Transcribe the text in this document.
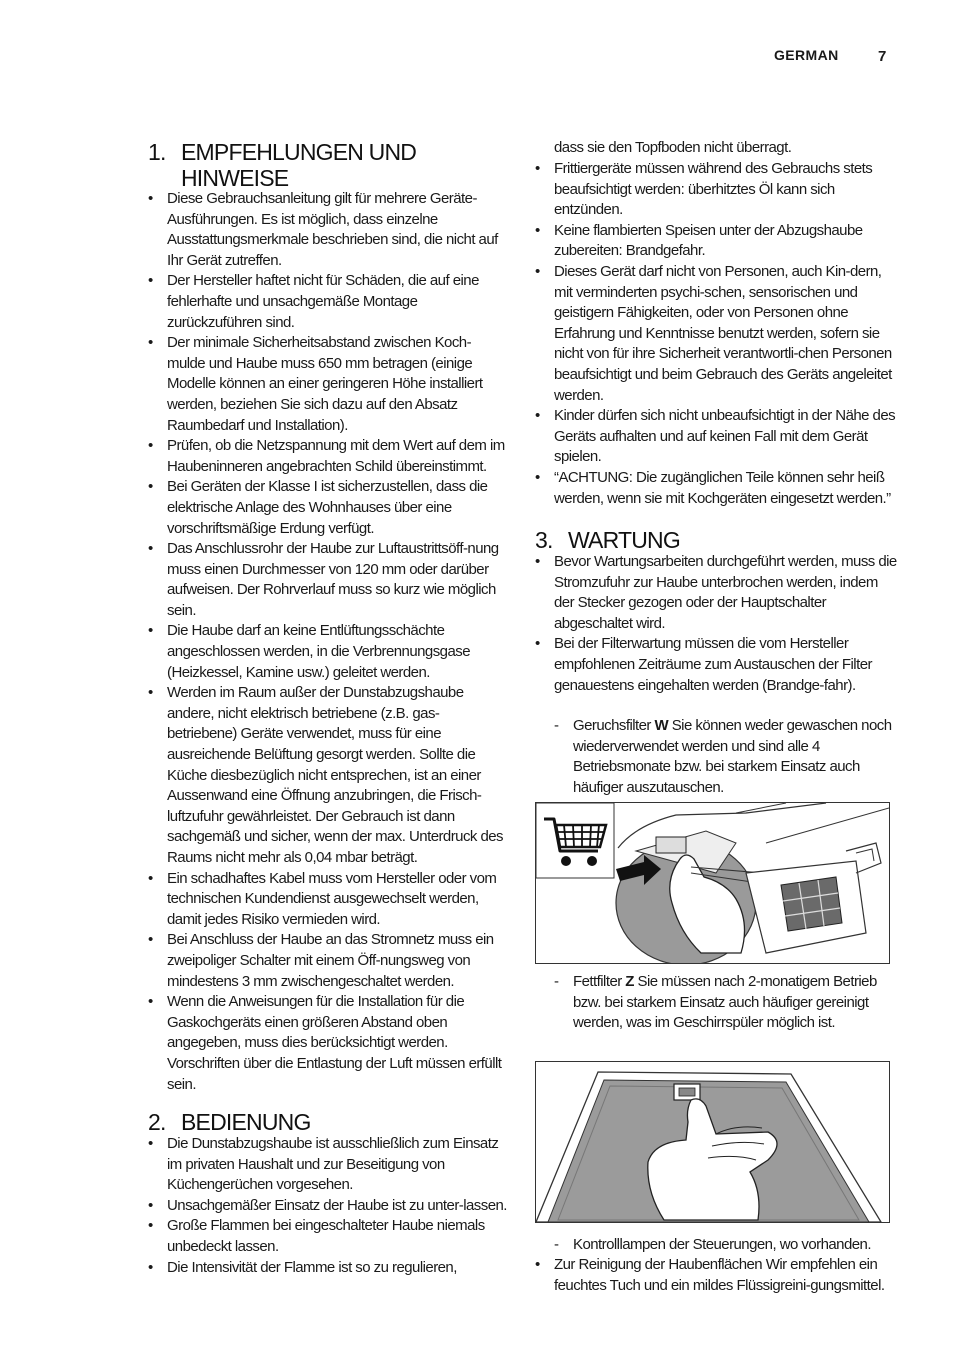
GERMAN	7
1. EMPFEHLUNGEN UND HINWEISE
• Diese Gebrauchsanleitung gilt für mehrere Geräte-Ausführungen. Es ist möglich, dass einzelne Ausstattungsmerkmale beschrieben sind, die nicht auf Ihr Gerät zutreffen.
• Der Hersteller haftet nicht für Schäden, die auf eine fehlerhafte und unsachgemäße Montage zurückzuführen sind.
• Der minimale Sicherheitsabstand zwischen Koch-mulde und Haube muss 650 mm betragen (einige Modelle können an einer geringeren Höhe installiert werden, beziehen Sie sich dazu auf den Absatz Raumbedarf und Installation).
• Prüfen, ob die Netzspannung mit dem Wert auf dem im Haubeninneren angebrachten Schild übereinstimmt.
• Bei Geräten der Klasse I ist sicherzustellen, dass die elektrische Anlage des Wohnhauses über eine vorschriftsmäßige Erdung verfügt.
• Das Anschlussrohr der Haube zur Luftaustrittsöff-nung muss einen Durchmesser von 120 mm oder darüber aufweisen. Der Rohrverlauf muss so kurz wie möglich sein.
• Die Haube darf an keine Entlüftungsschächte angeschlossen werden, in die Verbrennungsgase (Heizkessel, Kamine usw.) geleitet werden.
• Werden im Raum außer der Dunstabzugshaube andere, nicht elektrisch betriebene (z.B. gas-betriebene) Geräte verwendet, muss für eine ausreichende Belüftung gesorgt werden. Sollte die Küche diesbezüglich nicht entsprechen, ist an einer Aussenwand eine Öffnung anzubringen, die Frisch-luftzufuhr gewährleistet. Der Gebrauch ist dann sachgemäß und sicher, wenn der max. Unterdruck des Raums nicht mehr als 0,04 mbar beträgt.
• Ein schadhaftes Kabel muss vom Hersteller oder vom technischen Kundendienst ausgewechselt werden, damit jedes Risiko vermieden wird.
• Bei Anschluss der Haube an das Stromnetz muss ein zweipoliger Schalter mit einem Öff-nungsweg von mindestens 3 mm zwischengeschaltet werden.
• Wenn die Anweisungen für die Installation für die Gaskochgeräts einen größeren Abstand oben angegeben, muss dies berücksichtigt werden. Vorschriften über die Entlastung der Luft müssen erfüllt sein.
2. BEDIENUNG
• Die Dunstabzugshaube ist ausschließlich zum Einsatz im privaten Haushalt und zur Beseitigung von Küchengerüchen vorgesehen.
• Unsachgemäßer Einsatz der Haube ist zu unter-lassen.
• Große Flammen bei eingeschalteter Haube niemals unbedeckt lassen.
• Die Intensivität der Flamme ist so zu regulieren,
dass sie den Topfboden nicht überragt.
• Frittiergeräte müssen während des Gebrauchs stets beaufsichtigt werden: überhitztes Öl kann sich entzünden.
• Keine flambierten Speisen unter der Abzugshaube zubereiten: Brandgefahr.
• Dieses Gerät darf nicht von Personen, auch Kin-dern, mit verminderten psychi-schen, sensorischen und geistigern Fähigkeiten, oder von Personen ohne Erfahrung und Kenntnisse benutzt werden, sofern sie nicht von für ihre Sicherheit verantwortli-chen Personen beaufsichtigt und beim Gebrauch des Geräts angeleitet werden.
• Kinder dürfen sich nicht unbeaufsichtigt in der Nähe des Geräts aufhalten und auf keinen Fall mit dem Gerät spielen.
• “ACHTUNG: Die zugänglichen Teile können sehr heiß werden, wenn sie mit Kochgeräten eingesetzt werden.”
3. WARTUNG
• Bevor Wartungsarbeiten durchgeführt werden, muss die Stromzufuhr zur Haube unterbrochen werden, indem der Stecker gezogen oder der Hauptschalter abgeschaltet wird.
• Bei der Filterwartung müssen die vom Hersteller empfohlenen Zeiträume zum Austauschen der Filter genauestens eingehalten werden (Brandge-fahr).
- Geruchsfilter W Sie können weder gewaschen noch wiederverwendet werden und sind alle 4 Betriebsmonate bzw. bei starkem Einsatz auch häufiger auszutauschen.
- Fettfilter Z Sie müssen nach 2-monatigem Betrieb bzw. bei starkem Einsatz auch häufiger gereinigt werden, was im Geschirrspüler möglich ist.
- Kontrolllampen der Steuerungen, wo vorhanden.
• Zur Reinigung der Haubenflächen Wir empfehlen ein feuchtes Tuch und ein mildes Flüssigreini-gungsmittel.
